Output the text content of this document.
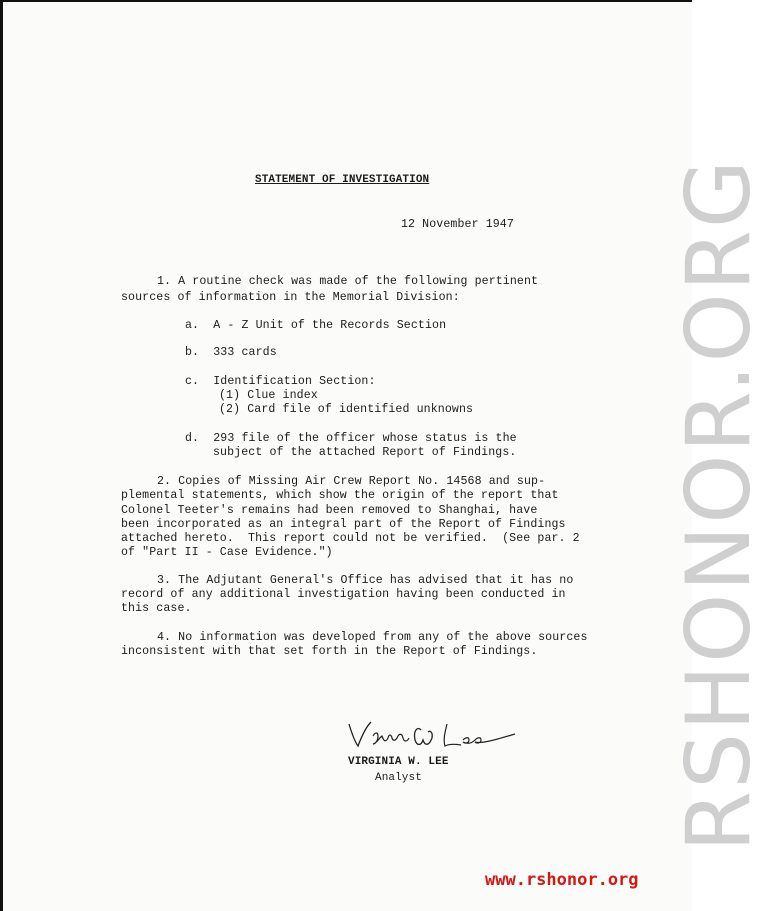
STATEMENT OF INVESTIGATION
12 November 1947
1. A routine check was made of the following pertinent
sources of information in the Memorial Division:
a.  A - Z Unit of the Records Section
b.  333 cards
c.  Identification Section:
(1) Clue index
(2) Card file of identified unknowns
d.  293 file of the officer whose status is the
subject of the attached Report of Findings.
2. Copies of Missing Air Crew Report No. 14568 and sup-
plemental statements, which show the origin of the report that
Colonel Teeter's remains had been removed to Shanghai, have
been incorporated as an integral part of the Report of Findings
attached hereto.  This report could not be verified.  (See par. 2
of "Part II - Case Evidence.")
3. The Adjutant General's Office has advised that it has no
record of any additional investigation having been conducted in
this case.
4. No information was developed from any of the above sources
inconsistent with that set forth in the Report of Findings.
VIRGINIA W. LEE
Analyst	RSHONOR.ORG
www.rshonor.org
